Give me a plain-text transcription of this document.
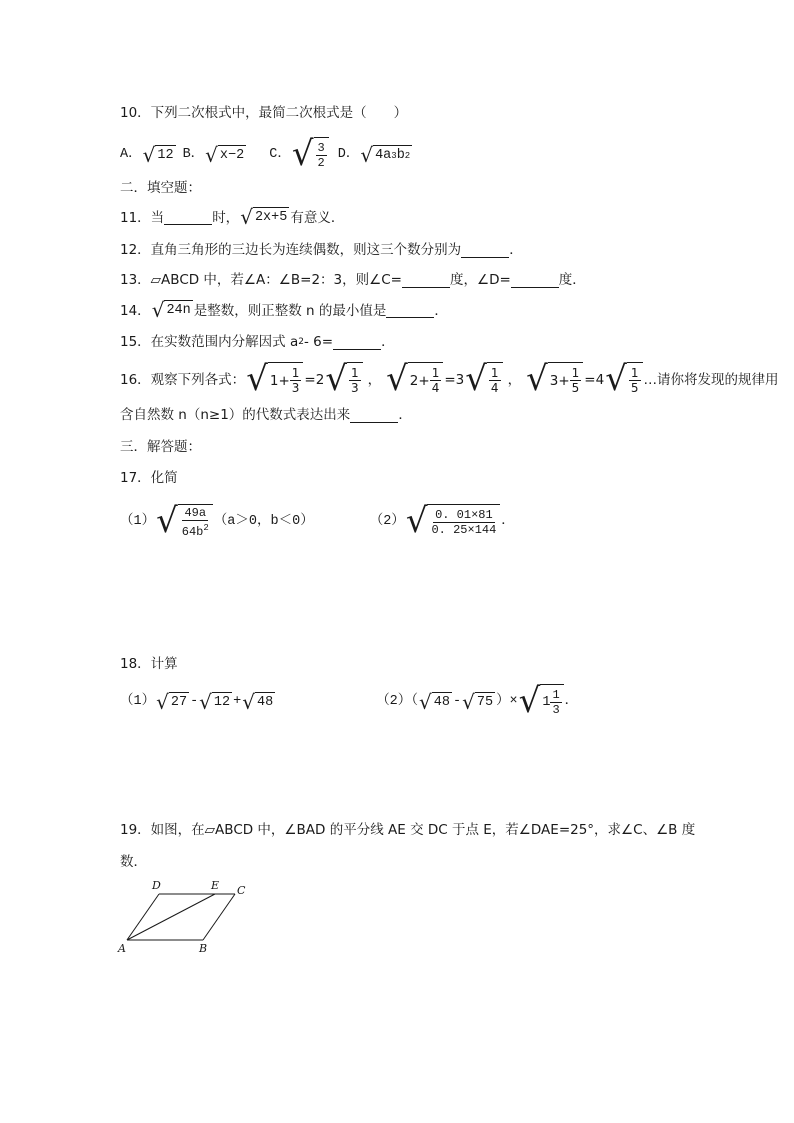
10．下列二次根式中，最简二次根式是（　　）
A． √ 12 B． √ x−2 C． √ $\frac{3}{2}$ D． √ 4a 3 b 2
二．填空题：
11．当	时， √ 2x+5 有意义．
12．直角三角形的三边长为连续偶数，则这三个数分别为	．
13．▱ABCD 中，若∠A：∠B=2：3，则∠C=	度，∠D=	度．
14． √ 24n 是整数，则正整数 n 的最小值是	．
15．在实数范围内分解因式 a 2 - 6=	．
16．观察下列各式： √ $1+ \frac{1}{3} =2$ √ $\frac{1}{3}$ ， √ $2+ \frac{1}{4} =3$ √ $\frac{1}{4}$ ， √ $3+ \frac{1}{5} =4$ √ $\frac{1}{5}$ …请你将发现的规律用
含自然数 n（n≥1）的代数式表达出来	．
三．解答题：
17．化简
（1） √ $\frac{49a}{64b^2} (a>0$，b＜0）	（2） √ $\frac{0. 01\times 81}{0. 25\times 144}$ ．
18．计算
（1） √ 27 - √ 12 + √ 48	（2）（ √ 48 - √ 75 ）× √ $1 \frac{1}{3}$ ．
19．如图，在▱ABCD 中，∠BAD 的平分线 AE 交 DC 于点 E，若∠DAE=25°，求∠C、∠B 度
数．
A	B
C
D	E
